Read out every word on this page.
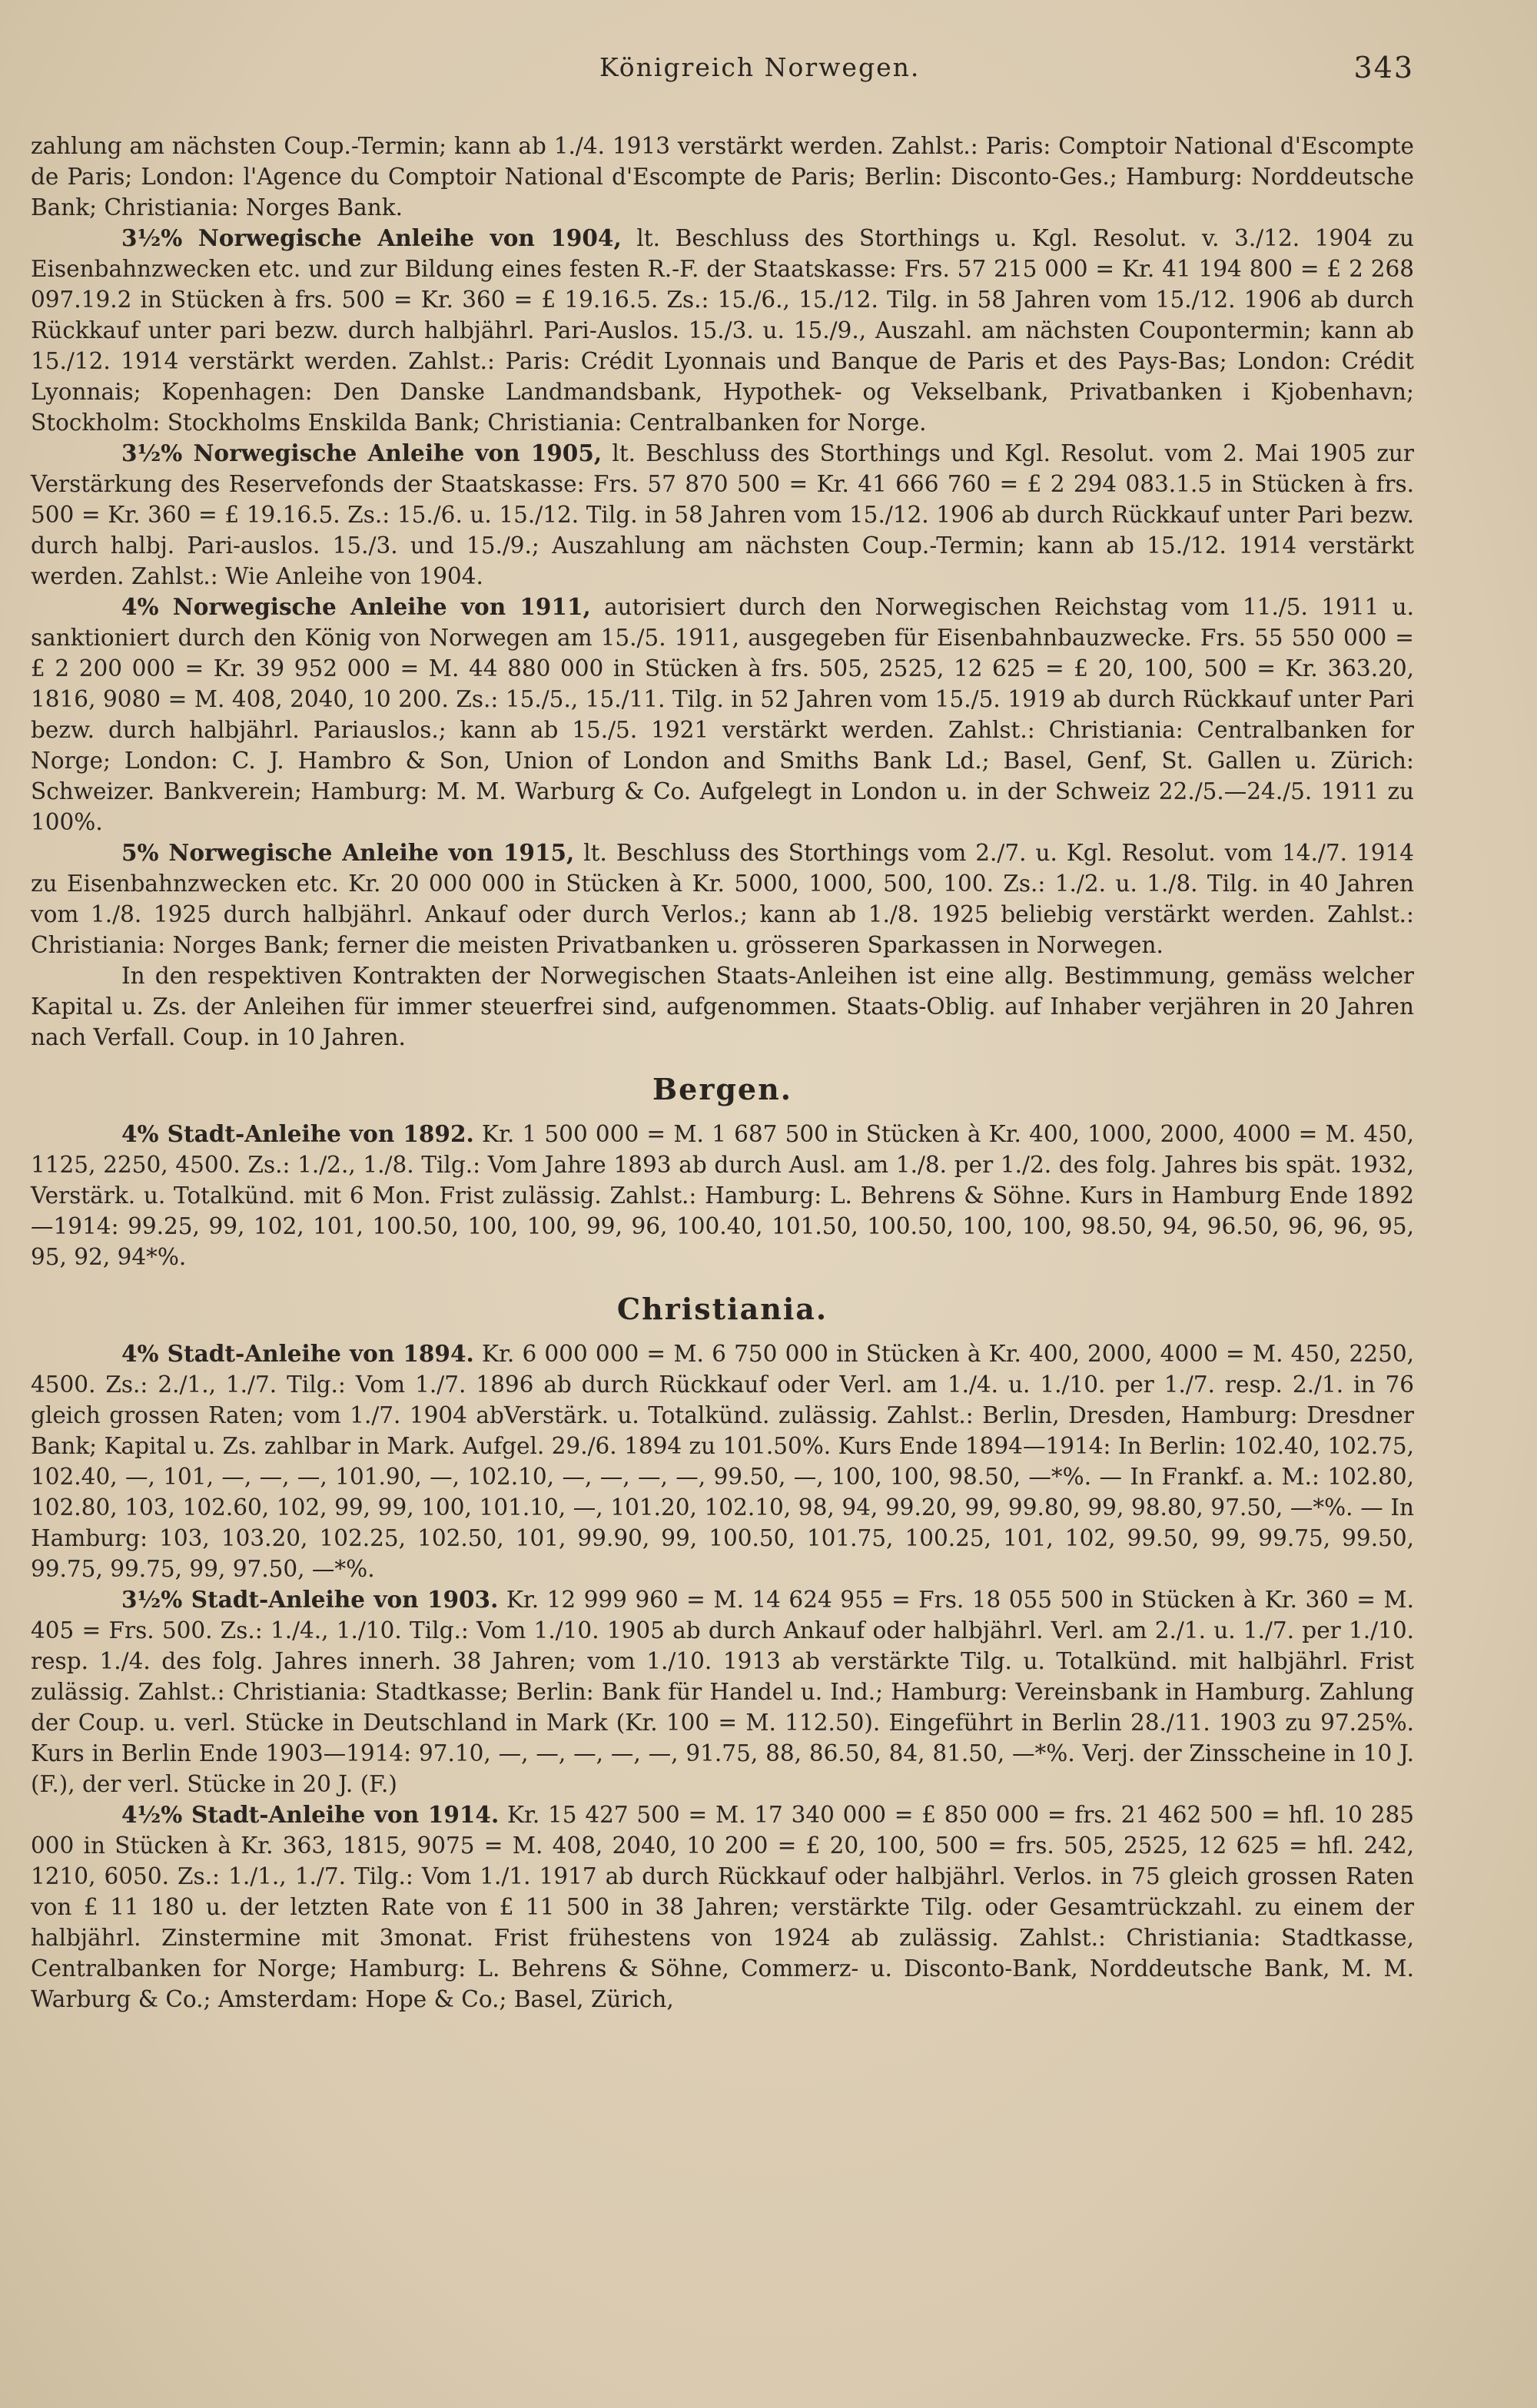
Königreich Norwegen.	343

zahlung am nächsten Coup.-Termin; kann ab 1./4. 1913 verstärkt werden. Zahlst.: Paris: Comptoir National d'Escompte de Paris; London: l'Agence du Comptoir National d'Escompte de Paris; Berlin: Disconto-Ges.; Hamburg: Norddeutsche Bank; Christiania: Norges Bank.

3½% Norwegische Anleihe von 1904, lt. Beschluss des Storthings u. Kgl. Resolut. v. 3./12. 1904 zu Eisenbahnzwecken etc. und zur Bildung eines festen R.-F. der Staatskasse: Frs. 57 215 000 = Kr. 41 194 800 = £ 2 268 097.19.2 in Stücken à frs. 500 = Kr. 360 = £ 19.16.5. Zs.: 15./6., 15./12. Tilg. in 58 Jahren vom 15./12. 1906 ab durch Rückkauf unter pari bezw. durch halbjährl. Pari-Auslos. 15./3. u. 15./9., Auszahl. am nächsten Coupontermin; kann ab 15./12. 1914 verstärkt werden. Zahlst.: Paris: Crédit Lyonnais und Banque de Paris et des Pays-Bas; London: Crédit Lyonnais; Kopenhagen: Den Danske Landmandsbank, Hypothek- og Vekselbank, Privatbanken i Kjobenhavn; Stockholm: Stockholms Enskilda Bank; Christiania: Centralbanken for Norge.

3½% Norwegische Anleihe von 1905, lt. Beschluss des Storthings und Kgl. Resolut. vom 2. Mai 1905 zur Verstärkung des Reservefonds der Staatskasse: Frs. 57 870 500 = Kr. 41 666 760 = £ 2 294 083.1.5 in Stücken à frs. 500 = Kr. 360 = £ 19.16.5. Zs.: 15./6. u. 15./12. Tilg. in 58 Jahren vom 15./12. 1906 ab durch Rückkauf unter Pari bezw. durch halbj. Pari-auslos. 15./3. und 15./9.; Auszahlung am nächsten Coup.-Termin; kann ab 15./12. 1914 verstärkt werden. Zahlst.: Wie Anleihe von 1904.

4% Norwegische Anleihe von 1911, autorisiert durch den Norwegischen Reichstag vom 11./5. 1911 u. sanktioniert durch den König von Norwegen am 15./5. 1911, ausgegeben für Eisenbahnbauzwecke. Frs. 55 550 000 = £ 2 200 000 = Kr. 39 952 000 = M. 44 880 000 in Stücken à frs. 505, 2525, 12 625 = £ 20, 100, 500 = Kr. 363.20, 1816, 9080 = M. 408, 2040, 10 200. Zs.: 15./5., 15./11. Tilg. in 52 Jahren vom 15./5. 1919 ab durch Rückkauf unter Pari bezw. durch halbjährl. Pariauslos.; kann ab 15./5. 1921 verstärkt werden. Zahlst.: Christiania: Centralbanken for Norge; London: C. J. Hambro & Son, Union of London and Smiths Bank Ld.; Basel, Genf, St. Gallen u. Zürich: Schweizer. Bankverein; Hamburg: M. M. Warburg & Co. Aufgelegt in London u. in der Schweiz 22./5.—24./5. 1911 zu 100%.

5% Norwegische Anleihe von 1915, lt. Beschluss des Storthings vom 2./7. u. Kgl. Resolut. vom 14./7. 1914 zu Eisenbahnzwecken etc. Kr. 20 000 000 in Stücken à Kr. 5000, 1000, 500, 100. Zs.: 1./2. u. 1./8. Tilg. in 40 Jahren vom 1./8. 1925 durch halbjährl. Ankauf oder durch Verlos.; kann ab 1./8. 1925 beliebig verstärkt werden. Zahlst.: Christiania: Norges Bank; ferner die meisten Privatbanken u. grösseren Sparkassen in Norwegen.

In den respektiven Kontrakten der Norwegischen Staats-Anleihen ist eine allg. Bestimmung, gemäss welcher Kapital u. Zs. der Anleihen für immer steuerfrei sind, aufgenommen. Staats-Oblig. auf Inhaber verjähren in 20 Jahren nach Verfall. Coup. in 10 Jahren.

Bergen.

4% Stadt-Anleihe von 1892. Kr. 1 500 000 = M. 1 687 500 in Stücken à Kr. 400, 1000, 2000, 4000 = M. 450, 1125, 2250, 4500. Zs.: 1./2., 1./8. Tilg.: Vom Jahre 1893 ab durch Ausl. am 1./8. per 1./2. des folg. Jahres bis spät. 1932, Verstärk. u. Totalkünd. mit 6 Mon. Frist zulässig. Zahlst.: Hamburg: L. Behrens & Söhne. Kurs in Hamburg Ende 1892—1914: 99.25, 99, 102, 101, 100.50, 100, 100, 99, 96, 100.40, 101.50, 100.50, 100, 100, 98.50, 94, 96.50, 96, 96, 95, 95, 92, 94*%.

Christiania.

4% Stadt-Anleihe von 1894. Kr. 6 000 000 = M. 6 750 000 in Stücken à Kr. 400, 2000, 4000 = M. 450, 2250, 4500. Zs.: 2./1., 1./7. Tilg.: Vom 1./7. 1896 ab durch Rückkauf oder Verl. am 1./4. u. 1./10. per 1./7. resp. 2./1. in 76 gleich grossen Raten; vom 1./7. 1904 abVerstärk. u. Totalkünd. zulässig. Zahlst.: Berlin, Dresden, Hamburg: Dresdner Bank; Kapital u. Zs. zahlbar in Mark. Aufgel. 29./6. 1894 zu 101.50%. Kurs Ende 1894—1914: In Berlin: 102.40, 102.75, 102.40, —, 101, —, —, —, 101.90, —, 102.10, —, —, —, —, 99.50, —, 100, 100, 98.50, —*%. — In Frankf. a. M.: 102.80, 102.80, 103, 102.60, 102, 99, 99, 100, 101.10, —, 101.20, 102.10, 98, 94, 99.20, 99, 99.80, 99, 98.80, 97.50, —*%. — In Hamburg: 103, 103.20, 102.25, 102.50, 101, 99.90, 99, 100.50, 101.75, 100.25, 101, 102, 99.50, 99, 99.75, 99.50, 99.75, 99.75, 99, 97.50, —*%.

3½% Stadt-Anleihe von 1903. Kr. 12 999 960 = M. 14 624 955 = Frs. 18 055 500 in Stücken à Kr. 360 = M. 405 = Frs. 500. Zs.: 1./4., 1./10. Tilg.: Vom 1./10. 1905 ab durch Ankauf oder halbjährl. Verl. am 2./1. u. 1./7. per 1./10. resp. 1./4. des folg. Jahres innerh. 38 Jahren; vom 1./10. 1913 ab verstärkte Tilg. u. Totalkünd. mit halbjährl. Frist zulässig. Zahlst.: Christiania: Stadtkasse; Berlin: Bank für Handel u. Ind.; Hamburg: Vereinsbank in Hamburg. Zahlung der Coup. u. verl. Stücke in Deutschland in Mark (Kr. 100 = M. 112.50). Eingeführt in Berlin 28./11. 1903 zu 97.25%. Kurs in Berlin Ende 1903—1914: 97.10, —, —, —, —, —, 91.75, 88, 86.50, 84, 81.50, —*%. Verj. der Zinsscheine in 10 J. (F.), der verl. Stücke in 20 J. (F.)

4½% Stadt-Anleihe von 1914. Kr. 15 427 500 = M. 17 340 000 = £ 850 000 = frs. 21 462 500 = hfl. 10 285 000 in Stücken à Kr. 363, 1815, 9075 = M. 408, 2040, 10 200 = £ 20, 100, 500 = frs. 505, 2525, 12 625 = hfl. 242, 1210, 6050. Zs.: 1./1., 1./7. Tilg.: Vom 1./1. 1917 ab durch Rückkauf oder halbjährl. Verlos. in 75 gleich grossen Raten von £ 11 180 u. der letzten Rate von £ 11 500 in 38 Jahren; verstärkte Tilg. oder Gesamtrückzahl. zu einem der halbjährl. Zinstermine mit 3monat. Frist frühestens von 1924 ab zulässig. Zahlst.: Christiania: Stadtkasse, Centralbanken for Norge; Hamburg: L. Behrens & Söhne, Commerz- u. Disconto-Bank, Norddeutsche Bank, M. M. Warburg & Co.; Amsterdam: Hope & Co.; Basel, Zürich,
